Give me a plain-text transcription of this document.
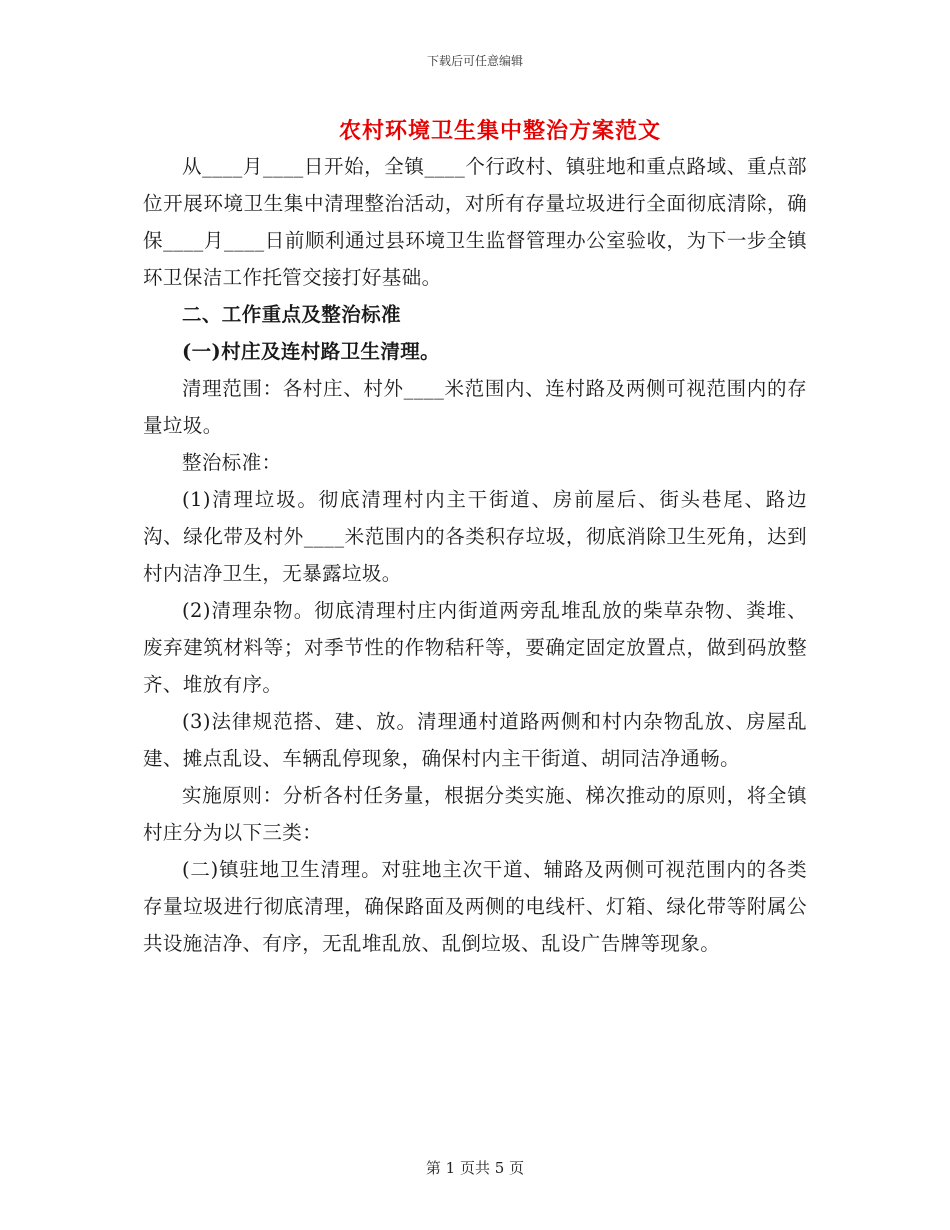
下载后可任意编辑
农村环境卫生集中整治方案范文

从____月____日开始，全镇____个行政村、镇驻地和重点路域、重点部位开展环境卫生集中清理整治活动，对所有存量垃圾进行全面彻底清除，确保____月____日前顺利通过县环境卫生监督管理办公室验收，为下一步全镇环卫保洁工作托管交接打好基础。

二、工作重点及整治标准

(一)村庄及连村路卫生清理。

清理范围：各村庄、村外____米范围内、连村路及两侧可视范围内的存量垃圾。

整治标准：

(1)清理垃圾。彻底清理村内主干街道、房前屋后、街头巷尾、路边沟、绿化带及村外____米范围内的各类积存垃圾，彻底消除卫生死角，达到村内洁净卫生，无暴露垃圾。

(2)清理杂物。彻底清理村庄内街道两旁乱堆乱放的柴草杂物、粪堆、废弃建筑材料等；对季节性的作物秸秆等，要确定固定放置点，做到码放整齐、堆放有序。

(3)法律规范搭、建、放。清理通村道路两侧和村内杂物乱放、房屋乱建、摊点乱设、车辆乱停现象，确保村内主干街道、胡同洁净通畅。

实施原则：分析各村任务量，根据分类实施、梯次推动的原则，将全镇村庄分为以下三类：

(二)镇驻地卫生清理。对驻地主次干道、辅路及两侧可视范围内的各类存量垃圾进行彻底清理，确保路面及两侧的电线杆、灯箱、绿化带等附属公共设施洁净、有序，无乱堆乱放、乱倒垃圾、乱设广告牌等现象。

第 1 页共 5 页
